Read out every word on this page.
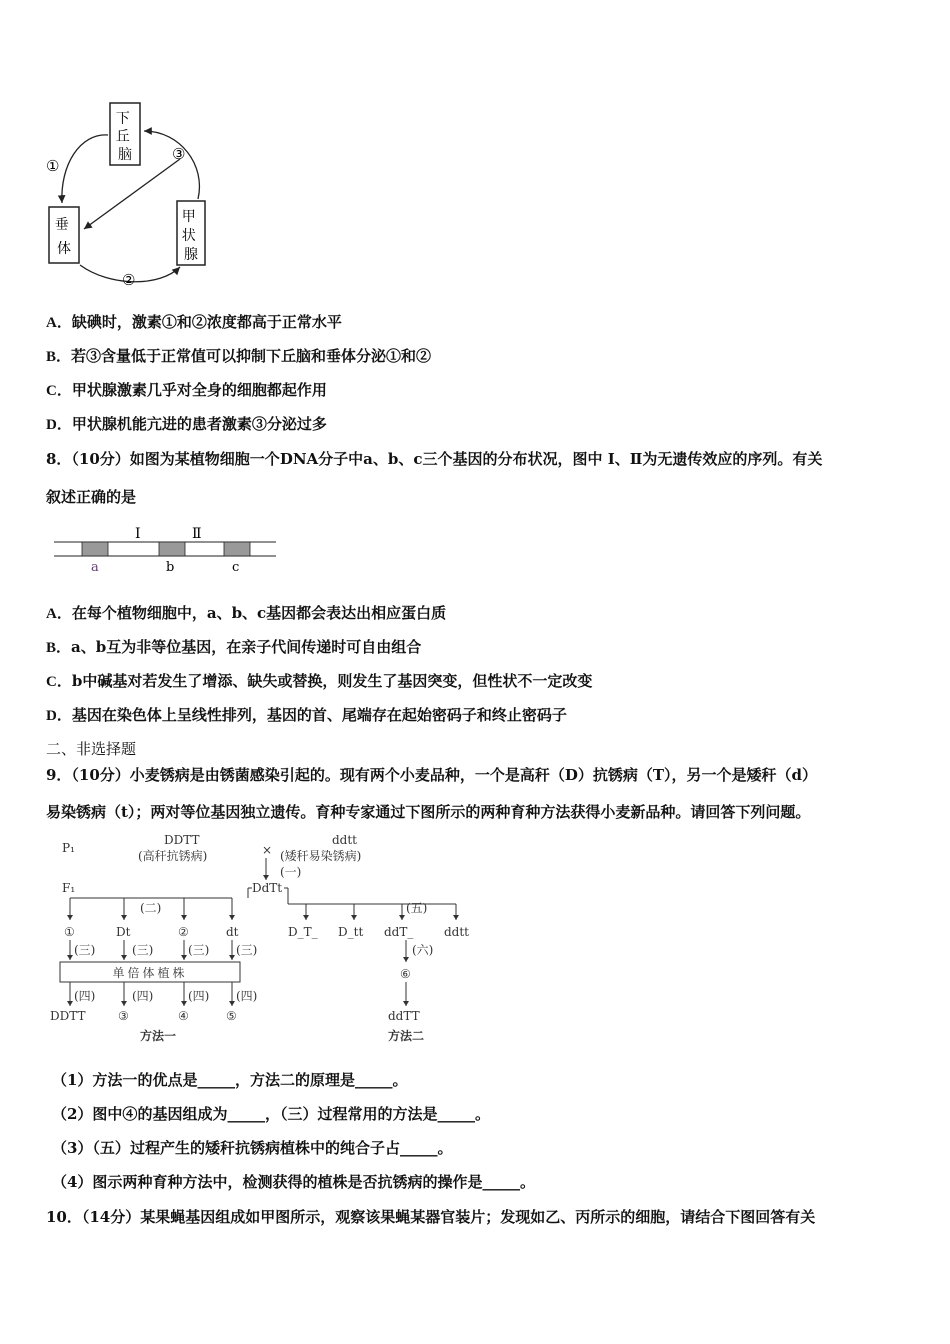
下 丘 脑
垂 体
甲 状 腺
①
②
③
A．缺碘时，激素①和②浓度都高于正常水平
B．若③含量低于正常值可以抑制下丘脑和垂体分泌①和②
C．甲状腺激素几乎对全身的细胞都起作用
D．甲状腺机能亢进的患者激素③分泌过多
8．（10分）如图为某植物细胞一个DNA分子中a、b、c三个基因的分布状况，图中 Ⅰ、Ⅱ为无遗传效应的序列。有关
叙述正确的是
Ⅰ	Ⅱ
a	b	c
A．在每个植物细胞中，a、b、c基因都会表达出相应蛋白质
B．a、b互为非等位基因，在亲子代间传递时可自由组合
C．b中碱基对若发生了增添、缺失或替换，则发生了基因突变，但性状不一定改变
D．基因在染色体上呈线性排列，基因的首、尾端存在起始密码子和终止密码子
二、非选择题
9．（10分）小麦锈病是由锈菌感染引起的。现有两个小麦品种，一个是高秆（D）抗锈病（T），另一个是矮秆（d）
易染锈病（t）；两对等位基因独立遗传。育种专家通过下图所示的两种育种方法获得小麦新品种。请回答下列问题。
P₁
F₁
DDTT
(高秆抗锈病)	×
ddtt
(矮秆易染锈病)
(一)
DdTt
(二)
①	Dt	②	dt
(三)	(三)	(三) (三)
单倍体植株
(四)	(四)	(四) (四)
DDTT	③	④	⑤
方法一
(五)
D_T_ D_tt ddT_	ddtt
(六)
⑥
ddTT
方法二
（1）方法一的优点是_____，方法二的原理是_____。
（2）图中④的基因组成为_____，（三）过程常用的方法是_____。
（3）（五）过程产生的矮秆抗锈病植株中的纯合子占_____。
（4）图示两种育种方法中，检测获得的植株是否抗锈病的操作是_____。
10．（14分）某果蝇基因组成如甲图所示，观察该果蝇某器官装片；发现如乙、丙所示的细胞，请结合下图回答有关
